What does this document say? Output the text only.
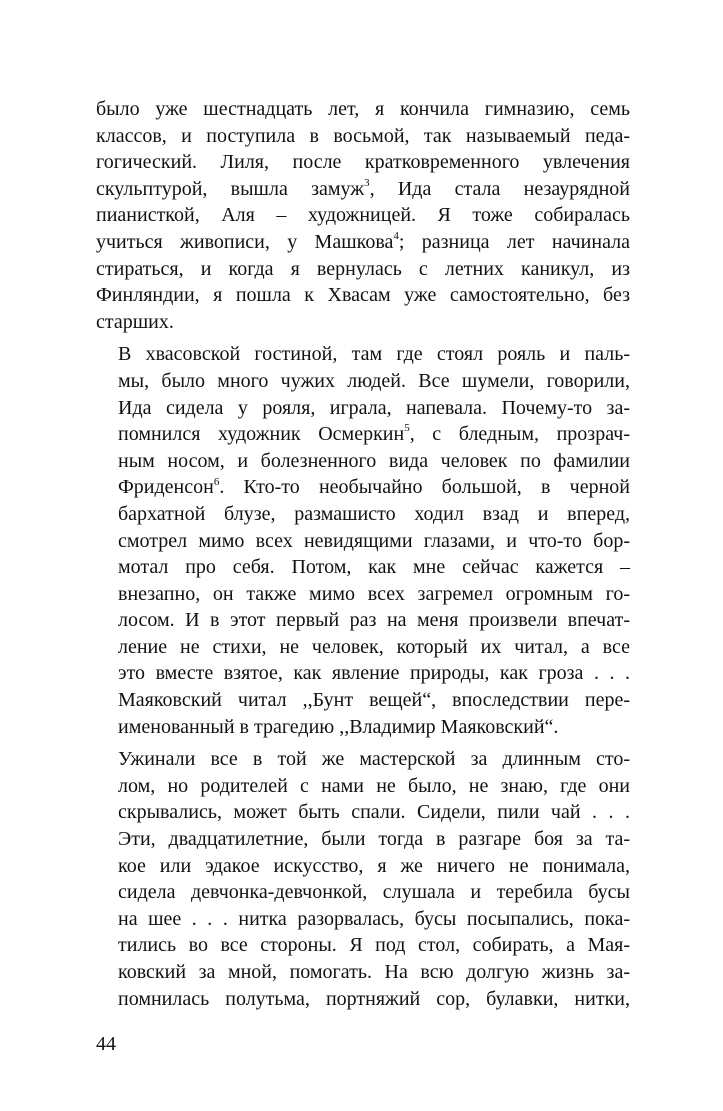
было уже шестнадцать лет, я кончила гимназию, семь
классов, и поступила в восьмой, так называемый педа-
гогический. Лиля, после кратковременного увлечения
скульптурой, вышла замуж$^3$, Ида стала незаурядной
пианисткой, Аля – художницей. Я тоже собиралась
учиться живописи, у Машкова$^4$; разница лет начинала
стираться, и когда я вернулась с летних каникул, из
Финляндии, я пошла к Хвасам уже самостоятельно, без
старших.
В хвасовской гостиной, там где стоял рояль и паль-
мы, было много чужих людей. Все шумели, говорили,
Ида сидела у рояля, играла, напевала. Почему-то за-
помнился художник Осмеркин$^5$, с бледным, прозрач-
ным носом, и болезненного вида человек по фамилии
Фриденсон$^6$. Кто-то необычайно большой, в черной
бархатной блузе, размашисто ходил взад и вперед,
смотрел мимо всех невидящими глазами, и что-то бор-
мотал про себя. Потом, как мне сейчас кажется –
внезапно, он также мимо всех загремел огромным го-
лосом. И в этот первый раз на меня произвели впечат-
ление не стихи, не человек, который их читал, а все
это вместе взятое, как явление природы, как гроза . . .
Маяковский читал ,,Бунт вещей“, впоследствии пере-
именованный в трагедию ,,Владимир Маяковский“.
Ужинали все в той же мастерской за длинным сто-
лом, но родителей с нами не было, не знаю, где они
скрывались, может быть спали. Сидели, пили чай . . .
Эти, двадцатилетние, были тогда в разгаре боя за та-
кое или эдакое искусство, я же ничего не понимала,
сидела девчонка-девчонкой, слушала и теребила бусы
на шее . . . нитка разорвалась, бусы посыпались, пока-
тились во все стороны. Я под стол, собирать, а Мая-
ковский за мной, помогать. На всю долгую жизнь за-
помнилась полутьма, портняжий сор, булавки, нитки,
44
